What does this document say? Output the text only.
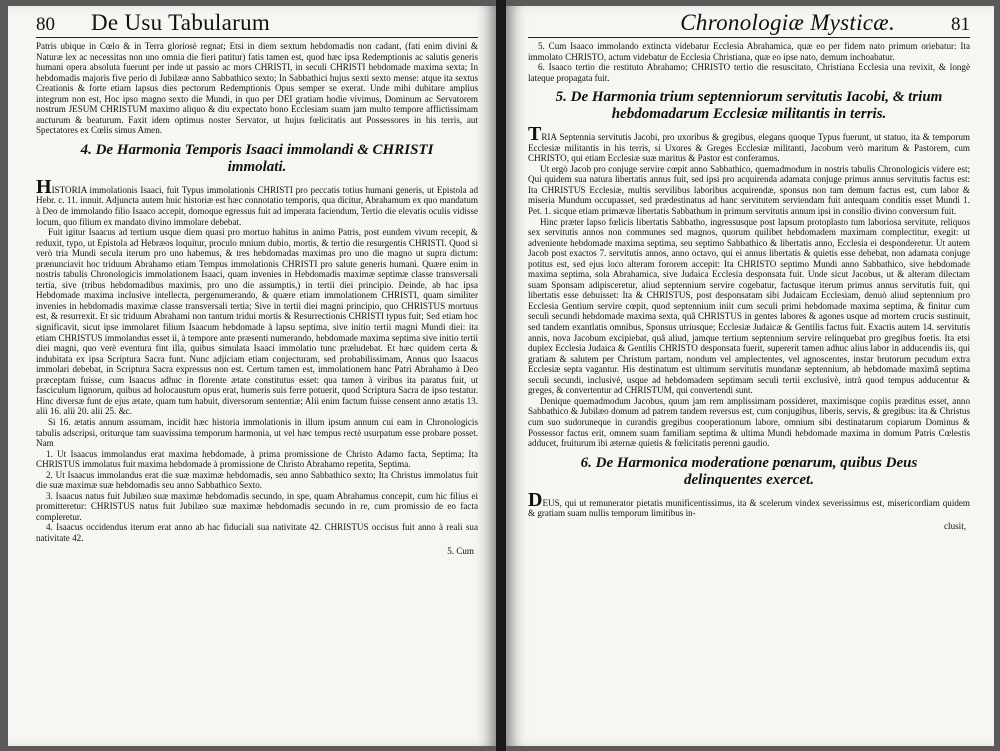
80 De Usu Tabularum

Patris ubique in Cœlo & in Terra gloriosè regnat; Etsi in diem sextum hebdomadis non cadant, (fati enim divini & Naturæ lex ac necessitas non uno omnia die fieri patitur) fatis tamen est, quod hæc ipsa Redemptionis ac salutis generis humani opera absoluta fuerunt per inde ut passio ac mors CHRISTI, in seculi CHRISTI hebdomade maxima sexta; In hebdomadis majoris five perio di Jubilææ anno Sabbathico sexto; In Sabbathici hujus sexti sexto mense: atque ita sextus Creationis & forte etiam lapsus dies pectorum Redemptionis Opus semper se exerat. Unde mihi dubitare amplius integrum non est, Hoc ipso magno sexto die Mundi, in quo per DEI gratiam hodie vivimus, Dominum ac Servatorem nostrum JESUM CHRISTUM maximo aliquo & diu expectato bono Ecclesiam suam jam multo tempore afflictissimam aucturum & beaturum. Faxit idem optimus noster Servator, ut hujus fœlicitatis aut Possessores in his terris, aut Spectatores ex Cœlis simus Amen.

4. De Harmonia Temporis Isaaci immolandi & CHRISTI immolati.

HISTORIA immolationis Isaaci, fuit Typus immolationis CHRISTI pro peccatis totius humani generis, ut Epistola ad Hebr. c. 11. innuit. Adjuncta autem huic historiæ est hæc connotatio temporis, qua dicitur, Abrahamum ex quo mandatum à Deo de immolando filio Isaaco accepit, domoque egressus fuit ad imperata faciendum, Tertio die elevatis oculis vidisse locum, quo filium ex mandato divino immolare debebat.

Fuit igitur Isaacus ad tertium usque diem quasi pro mortuo habitus in animo Patris, post eundem vivum recepit, & reduxit, typo, ut Epistola ad Hebræos loquitur, proculo mnium dubio, mortis, & tertio die resurgentis CHRISTI. Quod si verò tria Mundi secula iterum pro uno habemus, & tres hebdomadas maximas pro uno die magno ut supra dictum: prænunciavit hoc triduum Abrahamo etiam Tempus immolationis CHRISTI pro salute generis humani. Quære enim in nostris tabulis Chronologicis immolationem Isaaci, quam invenies in Hebdomadis maximæ septimæ classe transversali tertia, sive (tribus hebdomadibus maximis, pro uno die assumptis,) in tertii diei principio. Deinde, ab hac ipsa Hebdomade maxima inclusive intellecta, pergenumerando, & quære etiam immolationem CHRISTI, quam similiter invenies in hebdomadis maximæ classe transversali tertia; Sive in tertii diei magni principio, quo CHRISTUS mortuus est, & resurrexit. Et sic triduum Abrahami non tantum tridui mortis & Resurrectionis CHRISTI typus fuit; Sed etiam hoc significavit, sicut ipse immolaret filium Isaacum hebdomade à lapsu septima, sive initio tertii magni Mundi diei: ita etiam CHRISTUS immolandus esset ii, à tempore ante præsenti numerando, hebdomade maxima septima sive initio tertii diei magni, quo verè eventura fint illa, quibus simulata Isaaci immolatio tunc præludebat. Et hæc quidem certa & indubitata ex ipsa Scriptura Sacra funt. Nunc adjiciam etiam conjecturam, sed probabilissimam, Annus quo Isaacus immolari debebat, in Scriptura Sacra expressus non est. Certum tamen est, immolationem hanc Patri Abrahamo à Deo præceptam fuisse, cum Isaacus adhuc in florente ætate constitutus esset: qua tamen à viribus ita paratus fuit, ut fasciculum lignorum, quibus ad holocaustum opus erat, humeris suis ferre potuerit, quod Scriptura Sacra de ipso testatur. Hinc diversæ funt de ejus ætate, quam tum habuit, diversorum sententiæ; Alii enim factum fuisse censent anno ætatis 13. alii 16. alii 20. alii 25. &c.

Si 16. ætatis annum assumam, incidit hæc historia immolationis in illum ipsum annum cui eam in Chronologicis tabulis adscripsi, oriturque tam suavissima temporum harmonia, ut vel hæc tempus rectè usurpatum esse probare posset. Nam

1. Ut Isaacus immolandus erat maxima hebdomade, à prima promissione de Christo Adamo facta, Septima; Ita CHRISTUS immolatus fuit maxima hebdomade à promissione de Christo Abrahamo repetita, Septima.

2. Ut Isaacus immolandus erat die suæ maximæ hebdomadis, seu anno Sabbathico sexto; Ita Christus immolatus fuit die suæ maximæ suæ hebdomadis seu anno Sabbathico Sexto.

3. Isaacus natus fuit Jubilæo suæ maximæ hebdomadis secundo, in spe, quam Abrahamus concepit, cum hic filius ei promitteretur: CHRISTUS natus fuit Jubilæo suæ maximæ hebdomadis secundo in re, cum promissio de eo facta compleretur.

4. Isaacus occidendus iterum erat anno ab hac fiduciali sua nativitate 42. CHRISTUS occisus fuit anno à reali sua nativitate 42.

5. Cum
Chronologiæ Mysticæ.	81

5. Cum Isaaco immolando extincta videbatur Ecclesia Abrahamica, quæ eo per fidem nato primum oriebatur: Ita immolato CHRISTO, actum videbatur de Ecclesia Christiana, quæ eo ipse nato, demum inchoabatur.

6. Isaaco tertio die restituto Abrahamo; CHRISTO tertio die resuscitato, Christiana Ecclesia una revixit, & longè lateque propagata fuit.

5. De Harmonia trium septenniorum servitutis Iacobi, & trium hebdomadarum Ecclesiæ militantis in terris.

TRIA Septennia servitutis Jacobi, pro uxoribus & gregibus, elegans quoque Typus fuerunt, ut statuo, ita & temporum Ecclesiæ militantis in his terris, si Uxores & Greges Ecclesiæ militanti, Jacobum verò maritum & Pastorem, cum CHRISTO, qui etiam Ecclesiæ suæ maritus & Pastor est conferamus.

Ut ergò Jacob pro conjuge servire cœpit anno Sabbathico, quemadmodum in nostris tabulis Chronologicis videre est; Qui quidem sua natura libertatis annus fuit, sed ipsi pro acquirenda adamata conjuge primus annus servitutis factus est: Ita CHRISTUS Ecclesiæ, multis servilibus laboribus acquirendæ, sponsus non tam demum factus est, cum labor & miseria Mundum occupasset, sed prædestinatus ad hanc servitutem serviendam fuit antequam conditis esset Mundi 1. Pet. 1. sicque etiam primævæ libertatis Sabbathum in primum servitutis annum ipsi in consilio divino conversum fuit.

Hinc præter lapso fœlicis libertatis Sabbatho, ingressusque post lapsum protoplasto tum laboriosa servitute, reliquos sex servitutis annos non communes sed magnos, quorum quilibet hebdomadem maximam complectitur, exegit: ut adveniente hebdomade maxima septima, seu septimo Sabbathico & libertatis anno, Ecclesia ei desponderetur. Ut autem Jacob post exactos 7. servitutis annos, anno octavo, qui ei annus libertatis & quietis esse debebat, non adamata conjuge potitus est, sed ejus loco alteram fororem accepit: Ita CHRISTO septimo Mundi anno Sabbathico, sive hebdomade maxima septima, sola Abrahamica, sive Judaica Ecclesia desponsata fuit. Unde sicut Jacobus, ut & alteram dilectam suam Sponsam adipisceretur, aliud septennium servire cogebatur, factusque iterum primus annus servitutis fuit, qui libertatis esse debuisset: Ita & CHRISTUS, post desponsatam sibi Judaicam Ecclesiam, denuò aliud septennium pro Ecclesia Gentium servire cœpit, quod septennium iniit cum seculi primi hebdomade maxima septima, & finitur cum seculi secundi hebdomade maxima sexta, quâ CHRISTUS in gentes labores & agones usque ad mortem crucis sustinuit, sed tandem exantlatis omnibus, Sponsus utriusque; Ecclesiæ Judaicæ & Gentilis factus fuit. Exactis autem 14. servitutis annis, nova Jacobum excipiebat, quâ aliud, jamque tertium septennium servire relinquebat pro gregibus foetis. Ita etsi duplex Ecclesia Judaica & Gentilis CHRISTO desponsata fuerit, supererit tamen adhuc alius labor in adducendis iis, qui gratiam & salutem per Christum partam, nondum vel amplectentes, vel agnoscentes, instar brutorum pecudum extra Ecclesiæ septa vagantur. His destinatum est ultimum servitutis mundanæ septennium, ab hebdomade maximâ septima seculi secundi, inclusivè, usque ad hebdomadem septimam seculi tertii exclusivè, intrà quod tempus adducentur & greges, & convertentur ad CHRISTUM, qui convertendi sunt.

Denique quemadmodum Jacobus, quum jam rem amplissimam possideret, maximisque copiis præditus esset, anno Sabbathico & Jubilæo domum ad patrem tandem reversus est, cum conjugibus, liberis, servis, & gregibus: ita & Christus cum suo sudoruneque in curandis gregibus cooperationum labore, omnium sibi destinatarum copiarum Dominus & Possessor factus erit, omnem suam familiam septima & ultima Mundi hebdomade maxima in domum Patris Cœlestis adducet, fruiturum ibi æternæ quietis & fœlicitatis perenni gaudio.

6. De Harmonica moderatione pœnarum, quibus Deus delinquentes exercet.

DEUS, qui ut remunerator pietatis munificentissimus, ita & scelerum vindex severissimus est, misericordiam quidem & gratiam suam nullis temporum limitibus in-

clusit,
